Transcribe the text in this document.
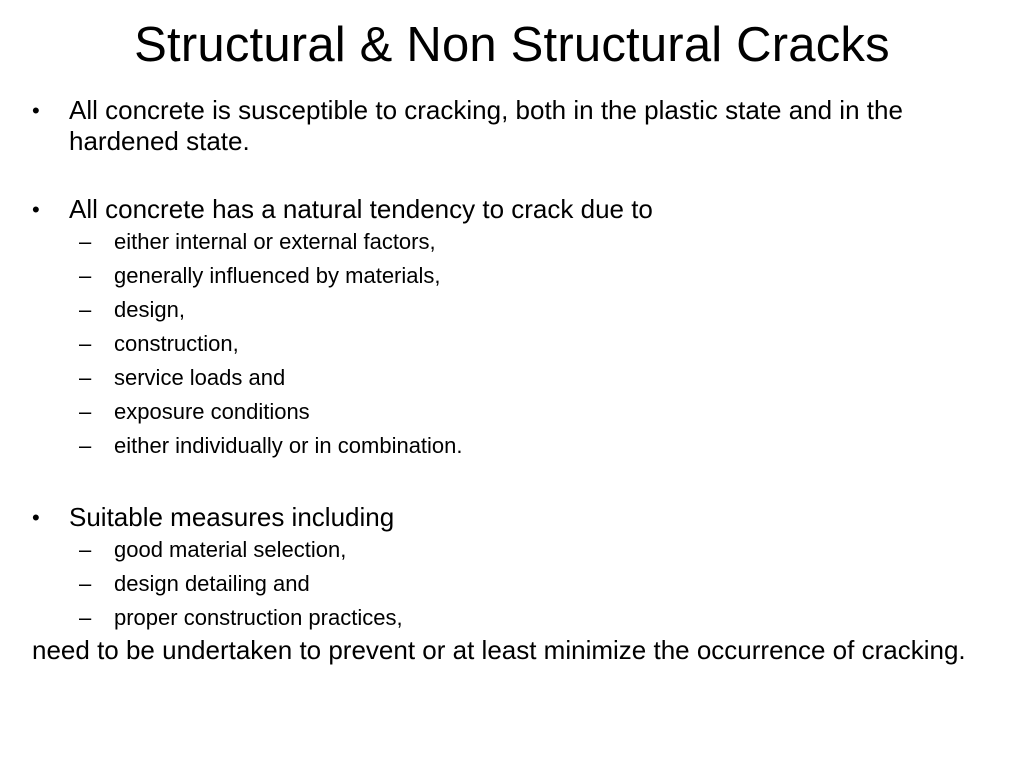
Structural & Non Structural Cracks

• All concrete is susceptible to cracking, both in the plastic state and in the hardened state.

• All concrete has a natural tendency to crack due to

– either internal or external factors,

– generally influenced by materials,

– design,

– construction,

– service loads and

– exposure conditions

– either individually or in combination.

• Suitable measures including

– good material selection,

– design detailing and

– proper construction practices,

need to be undertaken to prevent or at least minimize the occurrence of cracking.
